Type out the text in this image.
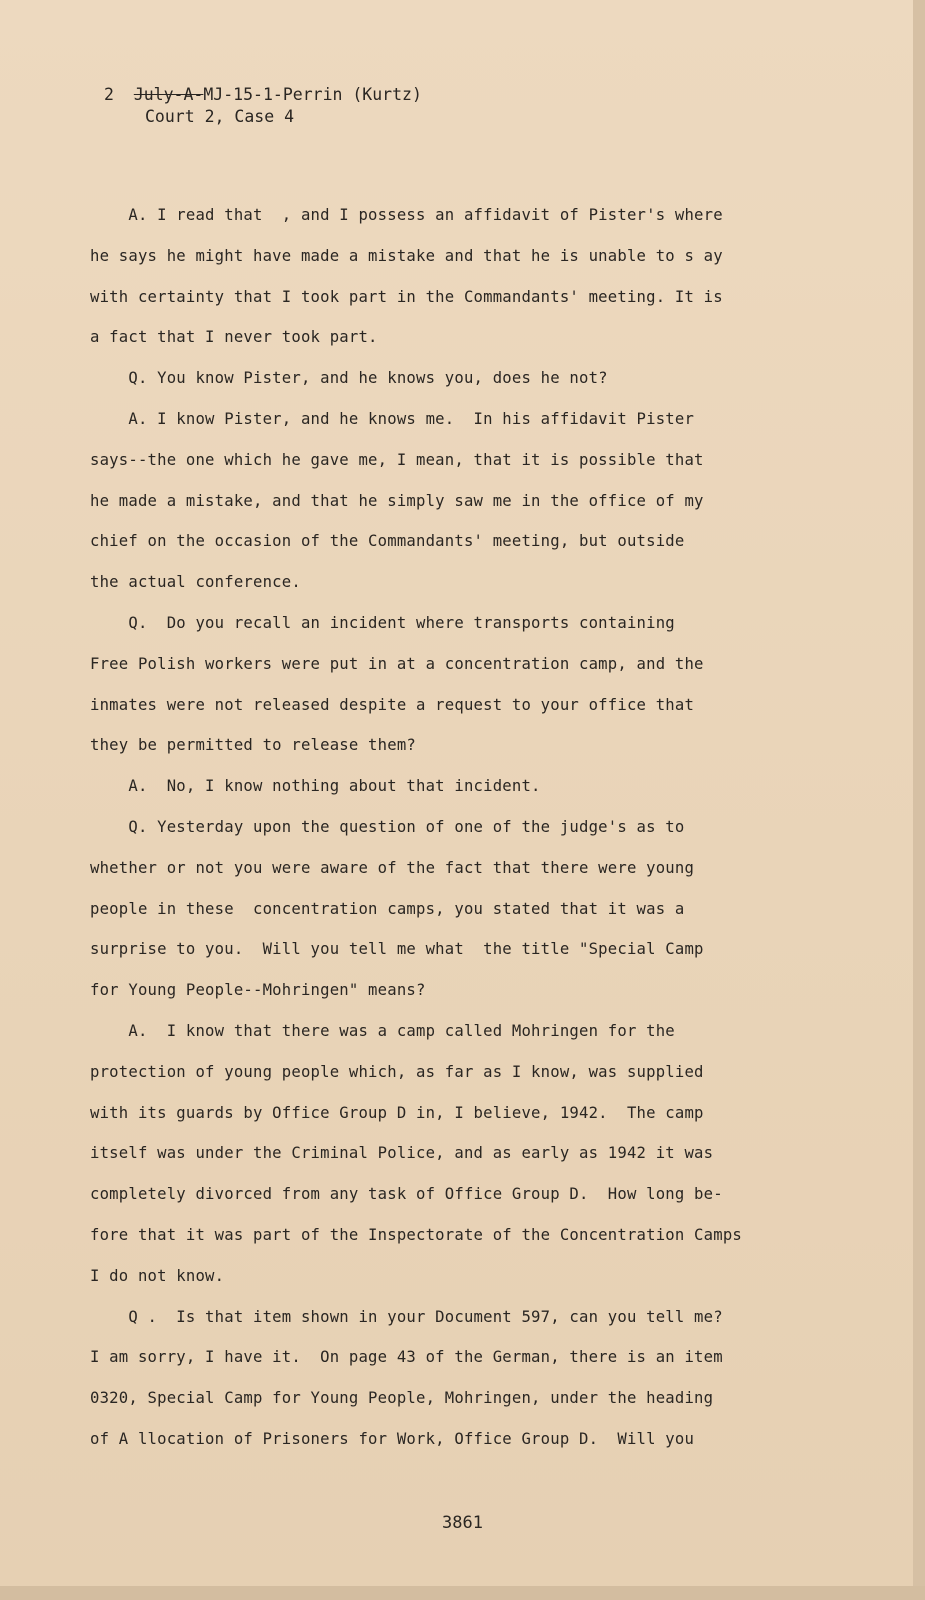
2 July-A-MJ-15-1-Perrin (Kurtz)
Court 2, Case 4
A. I read that  , and I possess an affidavit of Pister's where
he says he might have made a mistake and that he is unable to s ay
with certainty that I took part in the Commandants' meeting. It is
a fact that I never took part.
Q. You know Pister, and he knows you, does he not?
A. I know Pister, and he knows me.  In his affidavit Pister
says--the one which he gave me, I mean, that it is possible that
he made a mistake, and that he simply saw me in the office of my
chief on the occasion of the Commandants' meeting, but outside
the actual conference.
Q.  Do you recall an incident where transports containing
Free Polish workers were put in at a concentration camp, and the
inmates were not released despite a request to your office that
they be permitted to release them?
A.  No, I know nothing about that incident.
Q. Yesterday upon the question of one of the judge's as to
whether or not you were aware of the fact that there were young
people in these  concentration camps, you stated that it was a
surprise to you.  Will you tell me what  the title "Special Camp
for Young People--Mohringen" means?
A.  I know that there was a camp called Mohringen for the
protection of young people which, as far as I know, was supplied
with its guards by Office Group D in, I believe, 1942.  The camp
itself was under the Criminal Police, and as early as 1942 it was
completely divorced from any task of Office Group D.  How long be-
fore that it was part of the Inspectorate of the Concentration Camps
I do not know.
Q .  Is that item shown in your Document 597, can you tell me?
I am sorry, I have it.  On page 43 of the German, there is an item
0320, Special Camp for Young People, Mohringen, under the heading
of A llocation of Prisoners for Work, Office Group D.  Will you
3861
